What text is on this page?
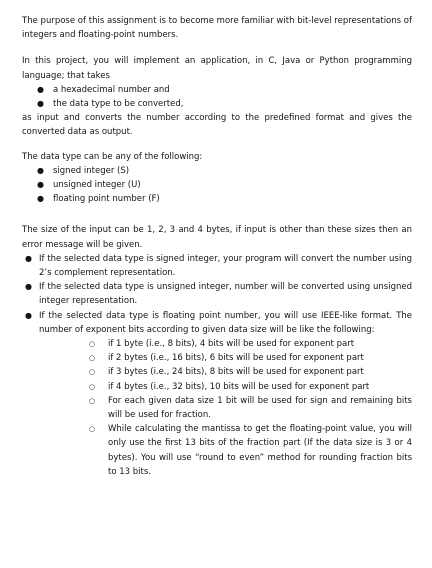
The purpose of this assignment is to become more familiar with bit-level representations of integers and floating-point numbers.

In this project, you will implement an application, in C, Java or Python programming language; that takes

● a hexadecimal number and
● the data type to be converted,

as input and converts the number according to the predefined format and gives the converted data as output.

The data type can be any of the following:

● signed integer (S)
● unsigned integer (U)
● floating point number (F)

The size of the input can be 1, 2, 3 and 4 bytes, if input is other than these sizes then an error message will be given.

● If the selected data type is signed integer, your program will convert the number using 2’s complement representation.
● If the selected data type is unsigned integer, number will be converted using unsigned integer representation.
● If the selected data type is floating point number, you will use IEEE-like format. The number of exponent bits according to given data size will be like the following:
○ if 1 byte (i.e., 8 bits), 4 bits will be used for exponent part
○ if 2 bytes (i.e., 16 bits), 6 bits will be used for exponent part
○ if 3 bytes (i.e., 24 bits), 8 bits will be used for exponent part
○ if 4 bytes (i.e., 32 bits), 10 bits will be used for exponent part
○ For each given data size 1 bit will be used for sign and remaining bits will be used for fraction.
○ While calculating the mantissa to get the floating-point value, you will only use the first 13 bits of the fraction part (If the data size is 3 or 4 bytes). You will use “round to even” method for rounding fraction bits to 13 bits.
